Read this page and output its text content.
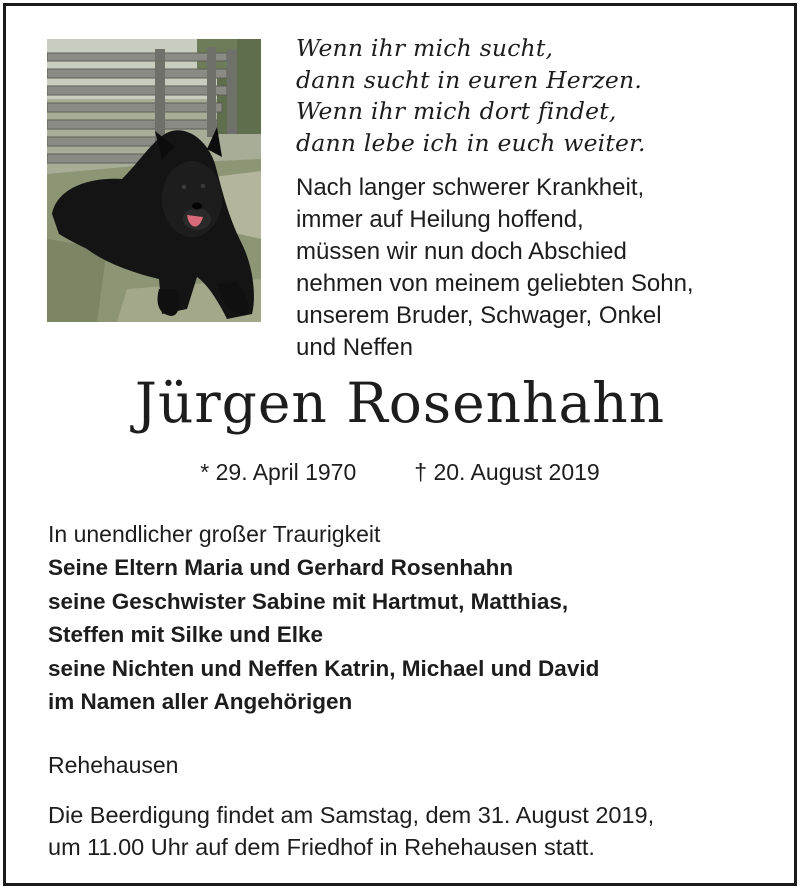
Wenn ihr mich sucht,
dann sucht in euren Herzen.
Wenn ihr mich dort findet,
dann lebe ich in euch weiter.
Nach langer schwerer Krankheit,
immer auf Heilung hoffend,
müssen wir nun doch Abschied
nehmen von meinem geliebten Sohn,
unserem Bruder, Schwager, Onkel
und Neffen
Jürgen Rosenhahn
* 29. April 1970	† 20. August 2019
In unendlicher großer Traurigkeit
Seine Eltern Maria und Gerhard Rosenhahn
seine Geschwister Sabine mit Hartmut, Matthias,
Steffen mit Silke und Elke
seine Nichten und Neffen Katrin, Michael und David
im Namen aller Angehörigen
Rehehausen
Die Beerdigung findet am Samstag, dem 31. August 2019,
um 11.00 Uhr auf dem Friedhof in Rehehausen statt.
